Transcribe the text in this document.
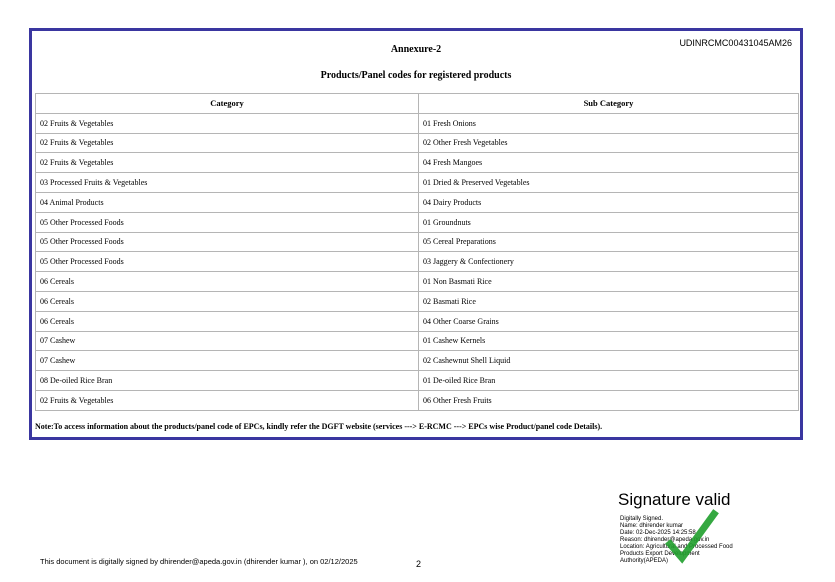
UDINRCMC00431045AM26
Annexure-2
Products/Panel codes for registered products
Category	Sub Category
02 Fruits & Vegetables	01 Fresh Onions
02 Fruits & Vegetables	02 Other Fresh Vegetables
02 Fruits & Vegetables	04 Fresh Mangoes
03 Processed Fruits & Vegetables	01 Dried & Preserved Vegetables
04 Animal Products	04 Dairy Products
05 Other Processed Foods	01 Groundnuts
05 Other Processed Foods	05 Cereal Preparations
05 Other Processed Foods	03 Jaggery & Confectionery
06 Cereals	01 Non Basmati Rice
06 Cereals	02 Basmati Rice
06 Cereals	04 Other Coarse Grains
07 Cashew	01 Cashew Kernels
07 Cashew	02 Cashewnut Shell Liquid
08 De-oiled Rice Bran	01 De-oiled Rice Bran
02 Fruits & Vegetables	06 Other Fresh Fruits
Note:To access information about the products/panel code of EPCs, kindly refer the DGFT website (services ---> E-RCMC ---> EPCs wise Product/panel code Details).
This document is digitally signed by dhirender@apeda.gov.in (dhirender kumar ), on 02/12/2025	2
Digitally Signed.
Name: dhirender kumar
Date: 02-Dec-2025 14:25:58
Reason: dhirender@apeda.gov.in
Location: Agricultural and Processed Food
Products Export Development
Authority(APEDA)
Signature valid
